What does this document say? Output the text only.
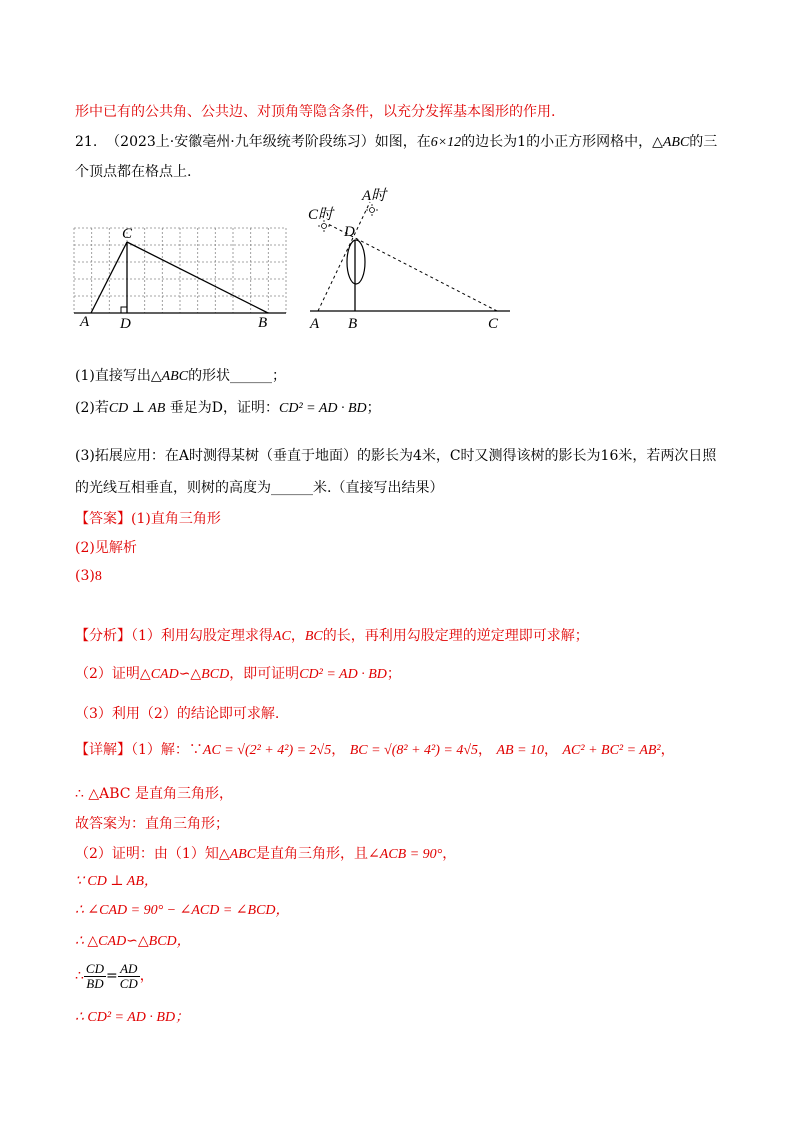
形中已有的公共角、公共边、对顶角等隐含条件，以充分发挥基本图形的作用.
21. （2023上·安徽亳州·九年级统考阶段练习）如图，在6×12的边长为1的小正方形网格中，△ABC的三
个顶点都在格点上.
A D
C
B
A时
C时
D
A B	C
(1)直接写出△ABC的形状______；
(2)若CD ⊥ AB 垂足为D，证明：CD² = AD · BD；
(3)拓展应用：在A时测得某树（垂直于地面）的影长为4米，C时又测得该树的影长为16米，若两次日照
的光线互相垂直，则树的高度为______米.（直接写出结果）
【答案】(1)直角三角形
(2)见解析
(3)8
【分析】（1）利用勾股定理求得AC，BC的长，再利用勾股定理的逆定理即可求解；
（2）证明△CAD∽△BCD，即可证明CD² = AD · BD；
（3）利用（2）的结论即可求解.
【详解】（1）解：∵AC = √(2² + 4²) = 2√5， BC = √(8² + 4²) = 4√5， AB = 10， AC² + BC² = AB²，
∴ △ABC 是直角三角形，
故答案为：直角三角形；
（2）证明：由（1）知△ABC是直角三角形，且∠ACB = 90°，
∵ CD ⊥ AB，
∴ ∠CAD = 90° − ∠ACD = ∠BCD，
∴ △CAD∽△BCD，
∴ $\frac{CD}{BD} = \frac{AD}{CD}$ ，
∴ CD² = AD · BD；
